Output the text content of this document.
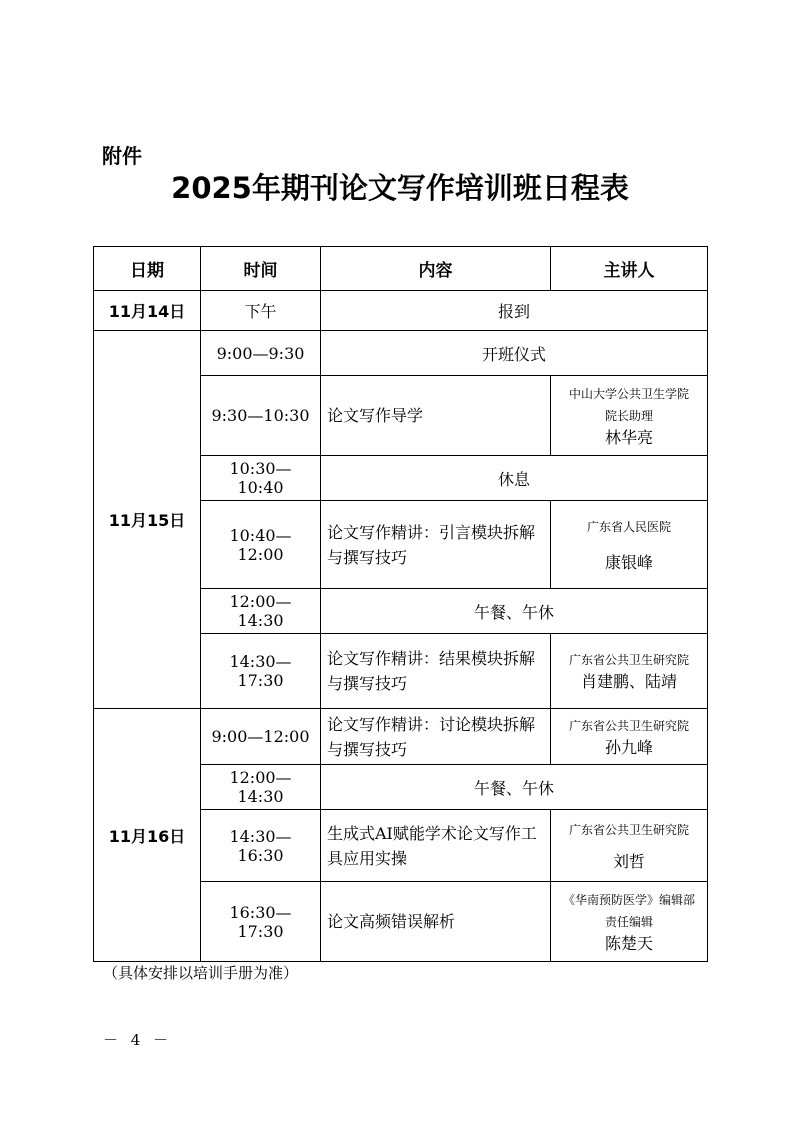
附件
2025年期刊论文写作培训班日程表
日期	时间	内容	主讲人
11月14日	下午	报到	
11月15日	9:00—9:30	开班仪式	
	9:30—10:30	论文写作导学	中山大学公共卫生学院
院长助理
林华亮

	10:30—10:40	休息	
	10:40—12:00	论文写作精讲：引言模块拆解与撰写技巧	广东省人民医院
康银峰

	12:00—14:30	午餐、午休	
	14:30—17:30	论文写作精讲：结果模块拆解与撰写技巧	广东省公共卫生研究院
肖建鹏、陆靖

11月16日	9:00—12:00	论文写作精讲：讨论模块拆解与撰写技巧	广东省公共卫生研究院
孙九峰

	12:00—14:30	午餐、午休	
	14:30—16:30	生成式AI赋能学术论文写作工具应用实操	广东省公共卫生研究院
刘哲

	16:30—17:30	论文高频错误解析	《华南预防医学》编辑部
责任编辑
陈楚天
（具体安排以培训手册为准）
－ 4 －
